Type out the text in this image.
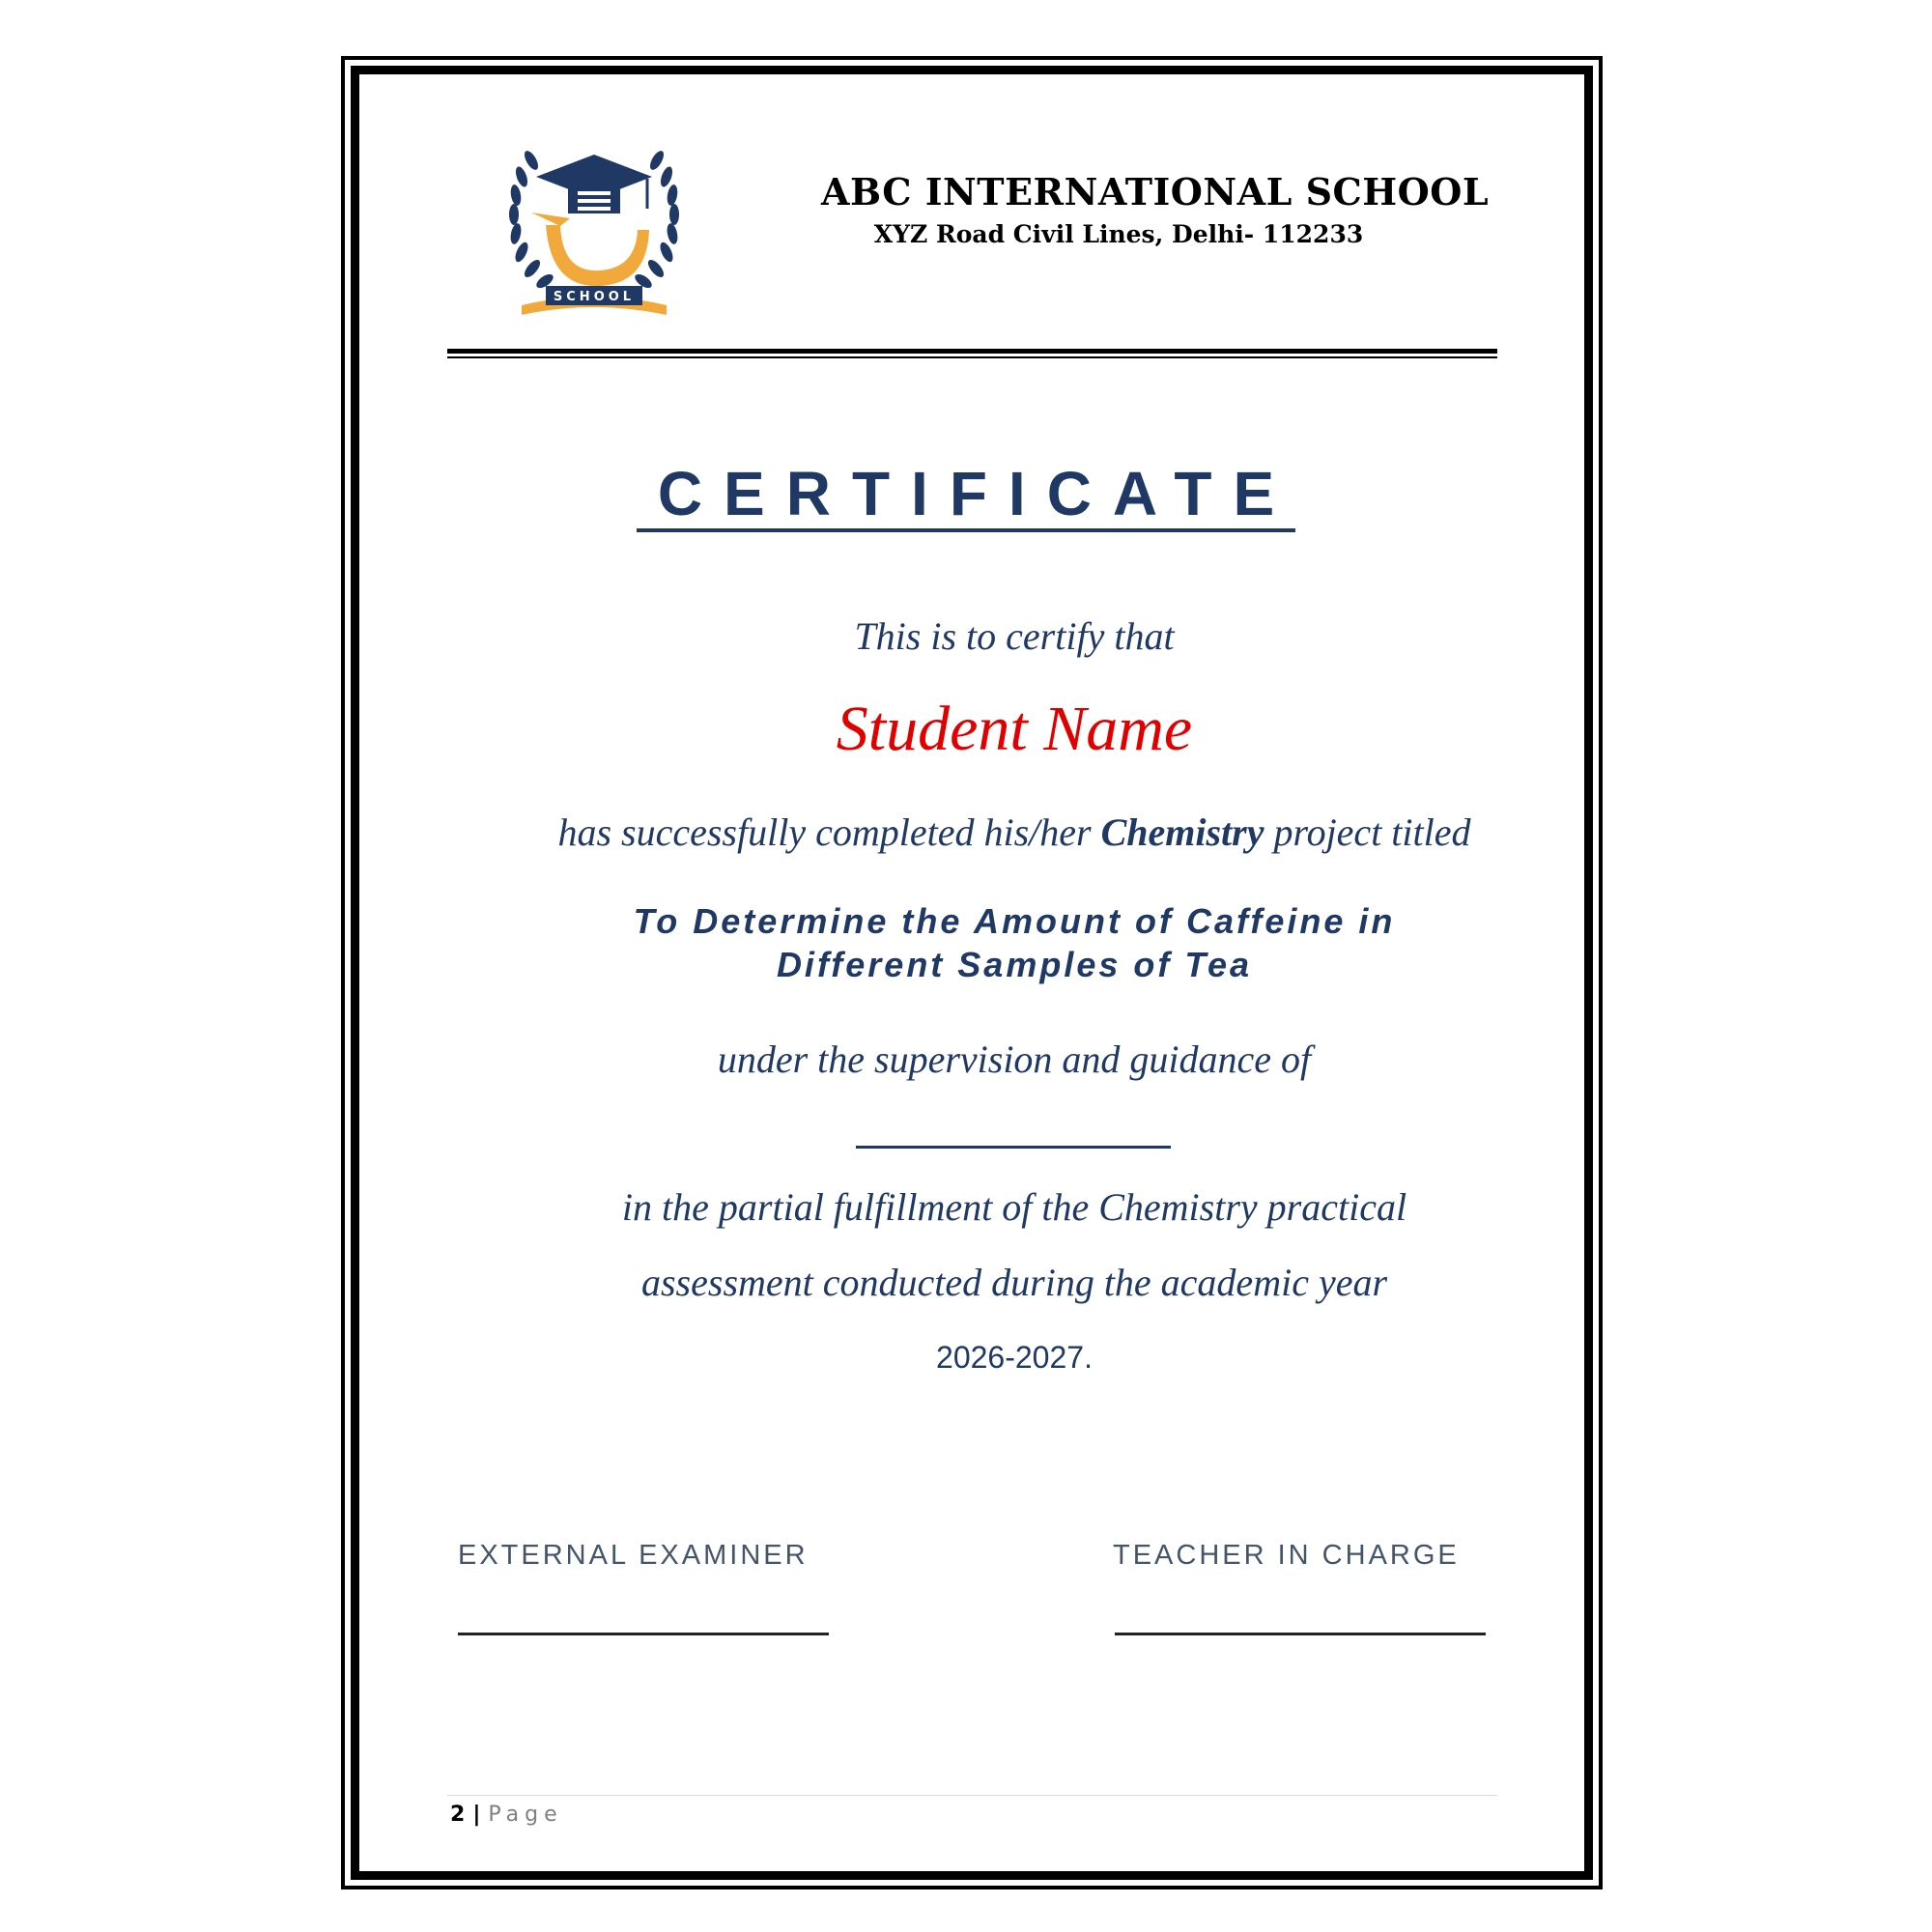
SCHOOL
ABC INTERNATIONAL SCHOOL
XYZ Road Civil Lines, Delhi- 112233
CERTIFICATE
This is to certify that
Student Name
has successfully completed his/her Chemistry project titled
To Determine the Amount of Caffeine in
Different Samples of Tea
under the supervision and guidance of
in the partial fulfillment of the Chemistry practical
assessment conducted during the academic year
2026-2027.
EXTERNAL EXAMINER	TEACHER IN CHARGE
2 | Page
